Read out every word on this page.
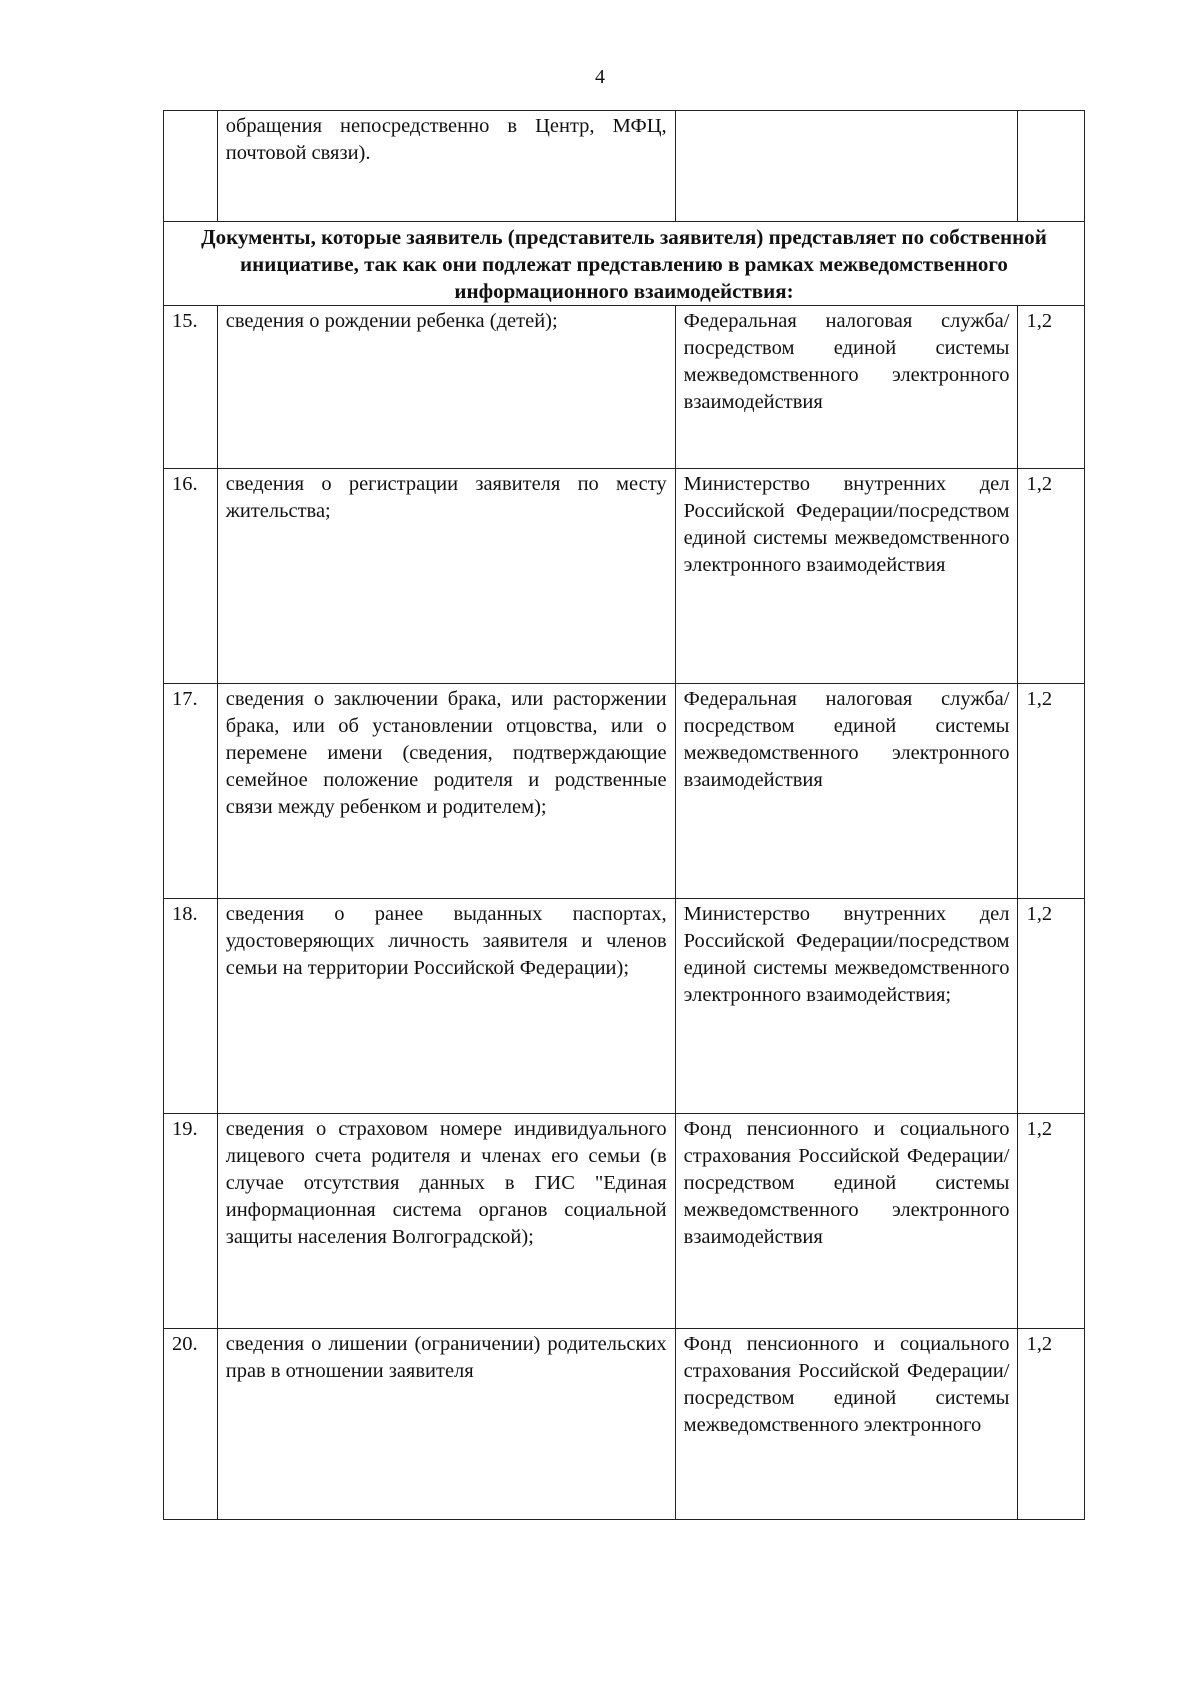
4
	обращения непосредственно в Центр, МФЦ, почтовой связи).		
Документы, которые заявитель (представитель заявителя) представляет по собственной инициативе, так как они подлежат представлению в рамках межведомственного информационного взаимодействия:			
15.	сведения о рождении ребенка (детей);	Федеральная налоговая служба/посредством единой системы межведомственного электронного взаимодействия	1,2
16.	сведения о регистрации заявителя по месту жительства;	Министерство внутренних дел Российской Федерации/посредством единой системы межведомственного электронного взаимодействия	1,2
17.	сведения о заключении брака, или расторжении брака, или об установлении отцовства, или о перемене имени (сведения, подтверждающие семейное положение родителя и родственные связи между ребенком и родителем);	Федеральная налоговая служба/посредством единой системы межведомственного электронного взаимодействия	1,2
18.	сведения о ранее выданных паспортах, удостоверяющих личность заявителя и членов семьи на территории Российской Федерации);	Министерство внутренних дел Российской Федерации/посредством единой системы межведомственного электронного взаимодействия;	1,2
19.	сведения о страховом номере индивидуального лицевого счета родителя и членах его семьи (в случае отсутствия данных в ГИС "Единая информационная система органов социальной защиты населения Волгоградской);	Фонд пенсионного и социального страхования Российской Федерации/посредством единой системы межведомственного электронного взаимодействия	1,2
20.	сведения о лишении (ограничении) родительских прав в отношении заявителя	Фонд пенсионного и социального страхования Российской Федерации/посредством единой системы межведомственного электронного	1,2
